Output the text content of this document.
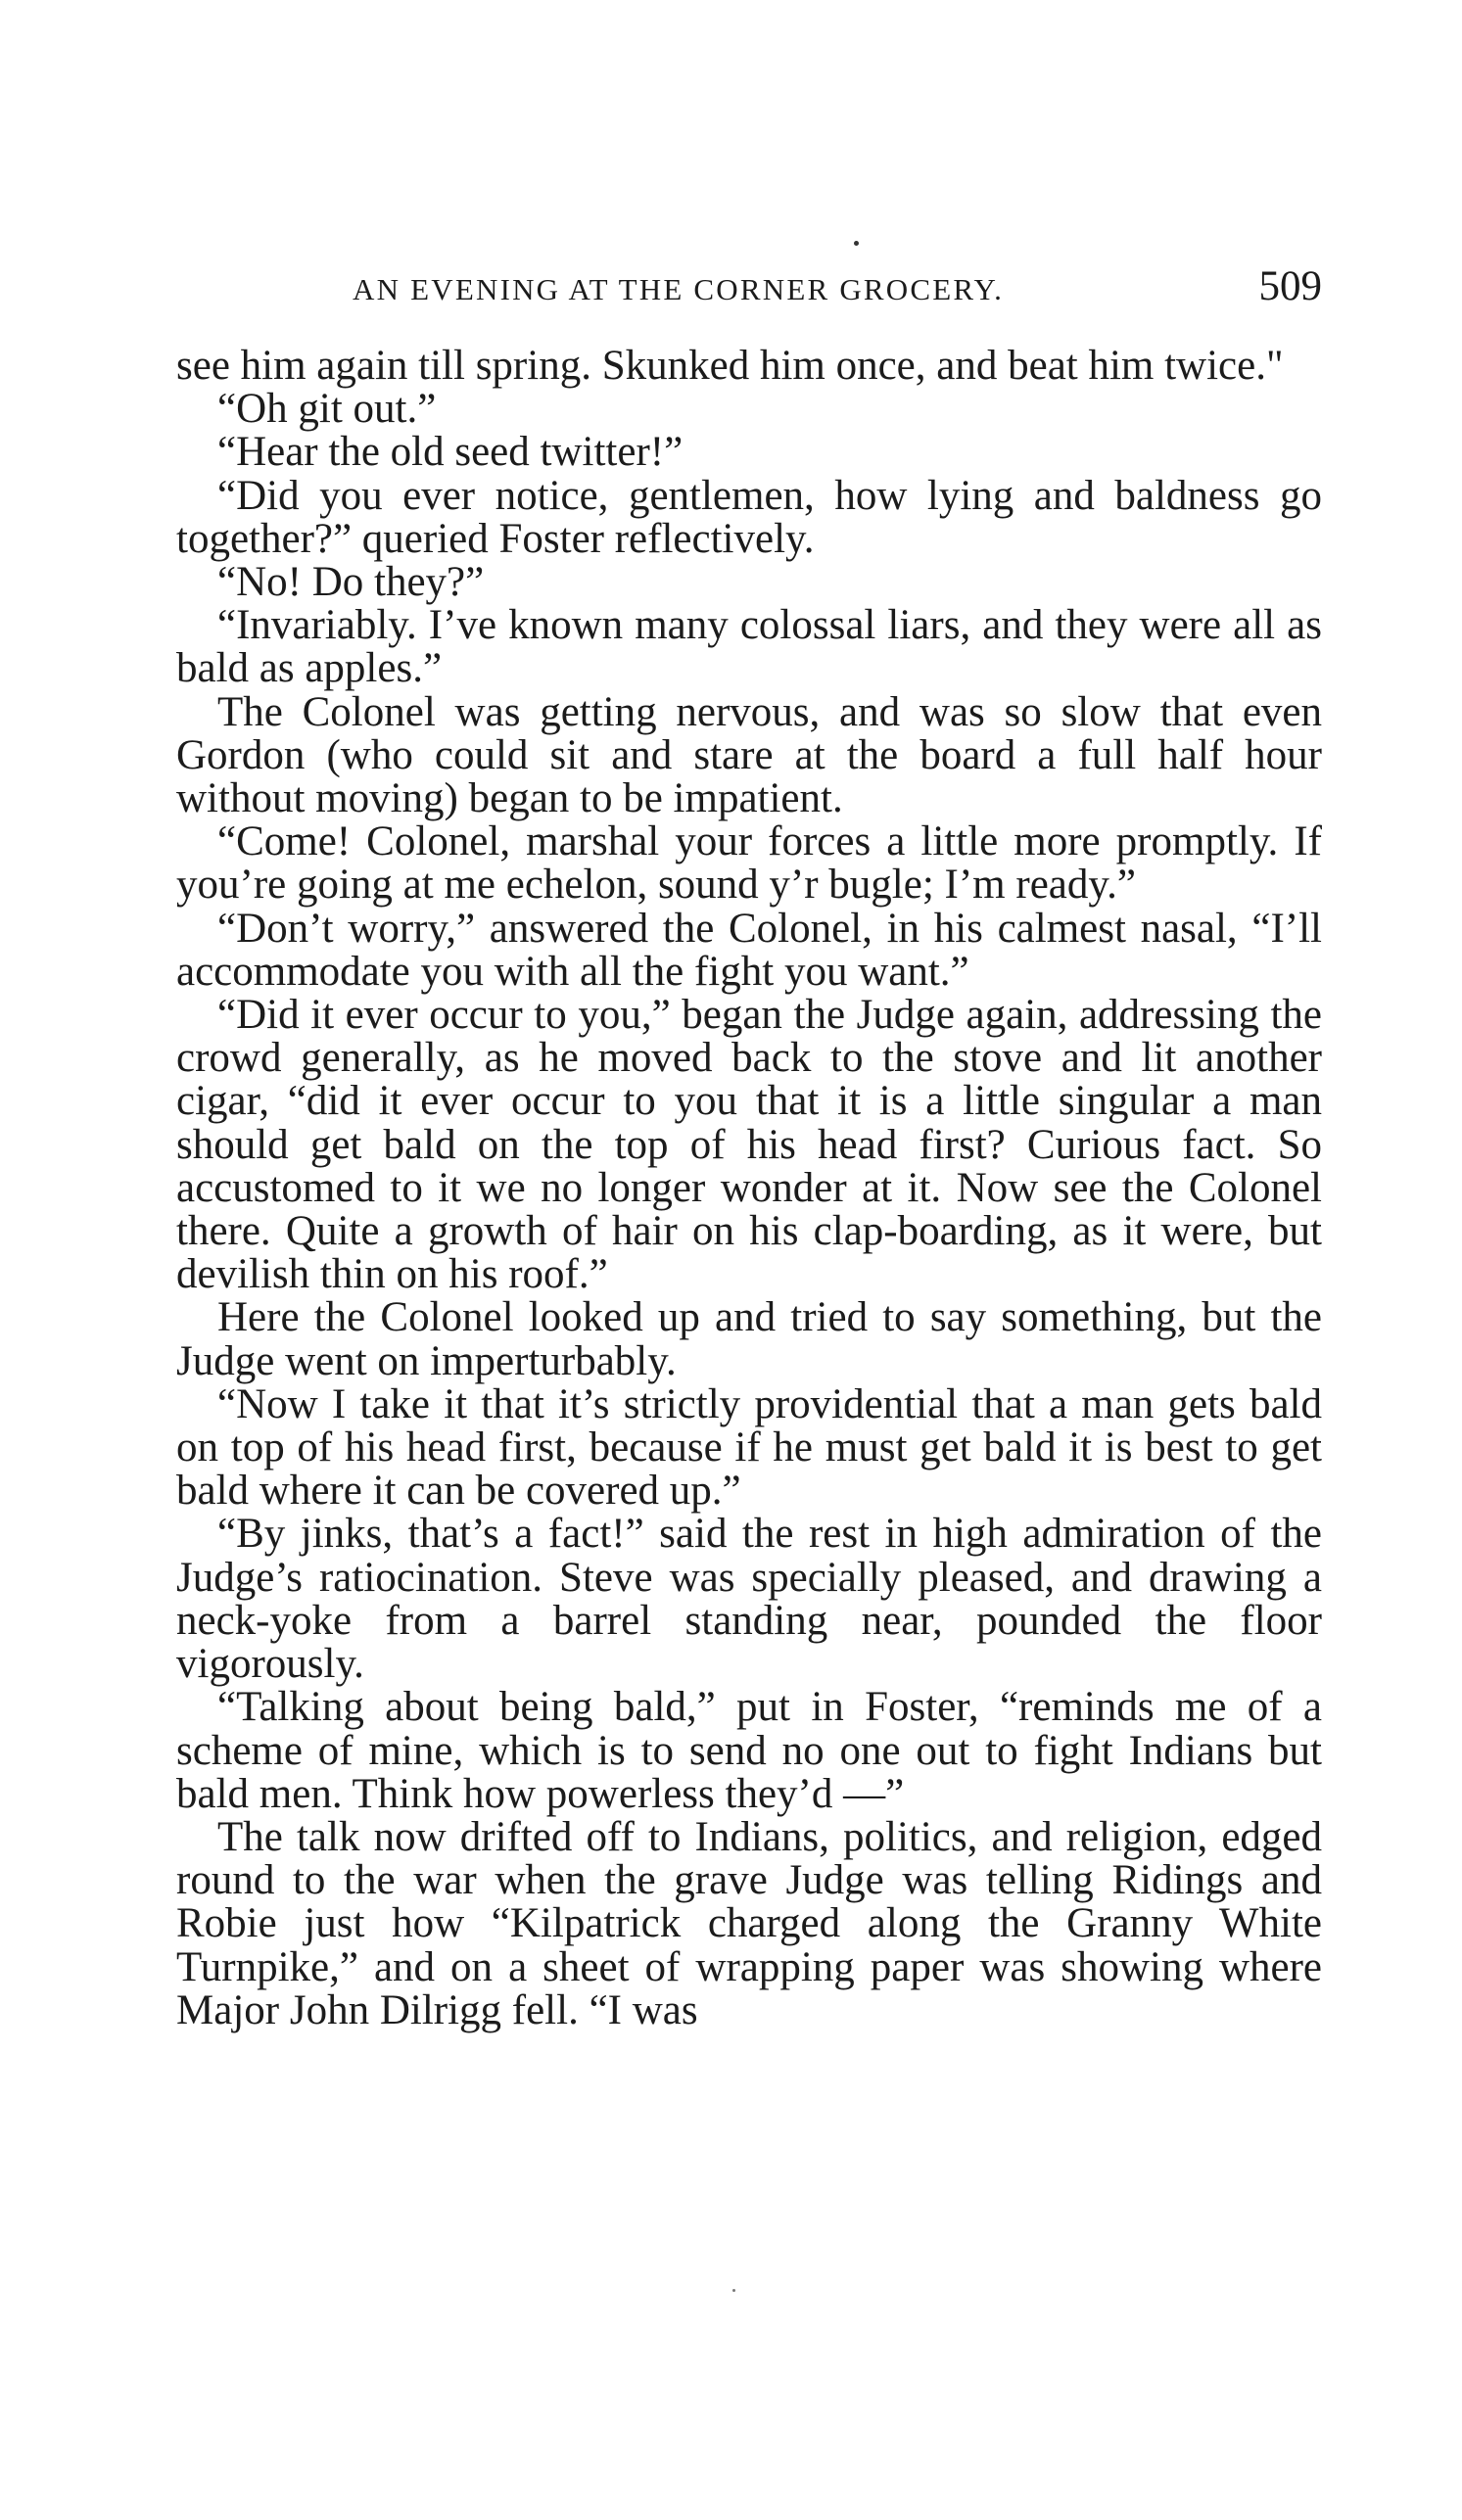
AN EVENING AT THE CORNER GROCERY.	509

see him again till spring. Skunked him once, and beat him twice."

“Oh git out.”

“Hear the old seed twitter!”

“Did you ever notice, gentlemen, how lying and baldness go together?” queried Foster reflectively.

“No! Do they?”

“Invariably. I’ve known many colossal liars, and they were all as bald as apples.”

The Colonel was getting nervous, and was so slow that even Gordon (who could sit and stare at the board a full half hour without moving) began to be impatient.

“Come! Colonel, marshal your forces a little more promptly. If you’re going at me echelon, sound y’r bugle; I’m ready.”

“Don’t worry,” answered the Colonel, in his calmest nasal, “I’ll accommodate you with all the fight you want.”

“Did it ever occur to you,” began the Judge again, addressing the crowd generally, as he moved back to the stove and lit another cigar, “did it ever occur to you that it is a little singular a man should get bald on the top of his head first? Curious fact. So accustomed to it we no longer wonder at it. Now see the Colonel there. Quite a growth of hair on his clap-boarding, as it were, but devilish thin on his roof.”

Here the Colonel looked up and tried to say something, but the Judge went on imperturbably.

“Now I take it that it’s strictly providential that a man gets bald on top of his head first, because if he must get bald it is best to get bald where it can be covered up.”

“By jinks, that’s a fact!” said the rest in high admiration of the Judge’s ratiocination. Steve was specially pleased, and drawing a neck-yoke from a barrel standing near, pounded the floor vigorously.

“Talking about being bald,” put in Foster, “reminds me of a scheme of mine, which is to send no one out to fight Indians but bald men. Think how powerless they’d —”

The talk now drifted off to Indians, politics, and religion, edged round to the war when the grave Judge was telling Ridings and Robie just how “Kilpatrick charged along the Granny White Turnpike,” and on a sheet of wrapping paper was showing where Major John Dilrigg fell. “I was
